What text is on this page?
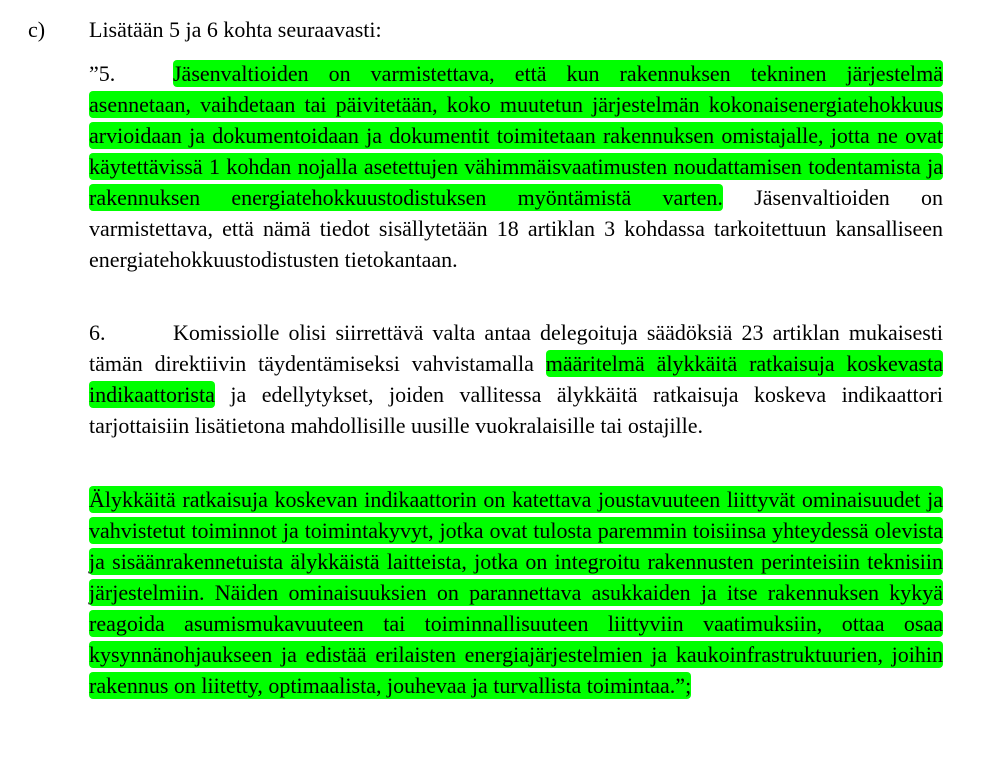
c) Lisätään 5 ja 6 kohta seuraavasti:

”5.	Jäsenvaltioiden on varmistettava, että kun rakennuksen tekninen järjestelmä asennetaan, vaihdetaan tai päivitetään, koko muutetun järjestelmän kokonaisenergiatehokkuus arvioidaan ja dokumentoidaan ja dokumentit toimitetaan rakennuksen omistajalle, jotta ne ovat käytettävissä 1 kohdan nojalla asetettujen vähimmäisvaatimusten noudattamisen todentamista ja rakennuksen energiatehokkuustodistuksen myöntämistä varten. Jäsenvaltioiden on varmistettava, että nämä tiedot sisällytetään 18 artiklan 3 kohdassa tarkoitettuun kansalliseen energiatehokkuustodistusten tietokantaan.

6.	Komissiolle olisi siirrettävä valta antaa delegoituja säädöksiä 23 artiklan mukaisesti tämän direktiivin täydentämiseksi vahvistamalla määritelmä älykkäitä ratkaisuja koskevasta indikaattorista ja edellytykset, joiden vallitessa älykkäitä ratkaisuja koskeva indikaattori tarjottaisiin lisätietona mahdollisille uusille vuokralaisille tai ostajille.

Älykkäitä ratkaisuja koskevan indikaattorin on katettava joustavuuteen liittyvät ominaisuudet ja vahvistetut toiminnot ja toimintakyvyt, jotka ovat tulosta paremmin toisiinsa yhteydessä olevista ja sisäänrakennetuista älykkäistä laitteista, jotka on integroitu rakennusten perinteisiin teknisiin järjestelmiin. Näiden ominaisuuksien on parannettava asukkaiden ja itse rakennuksen kykyä reagoida asumismukavuuteen tai toiminnallisuuteen liittyviin vaatimuksiin, ottaa osaa kysynnänohjaukseen ja edistää erilaisten energiajärjestelmien ja kaukoinfrastruktuurien, joihin rakennus on liitetty, optimaalista, jouhevaa ja turvallista toimintaa.”;
